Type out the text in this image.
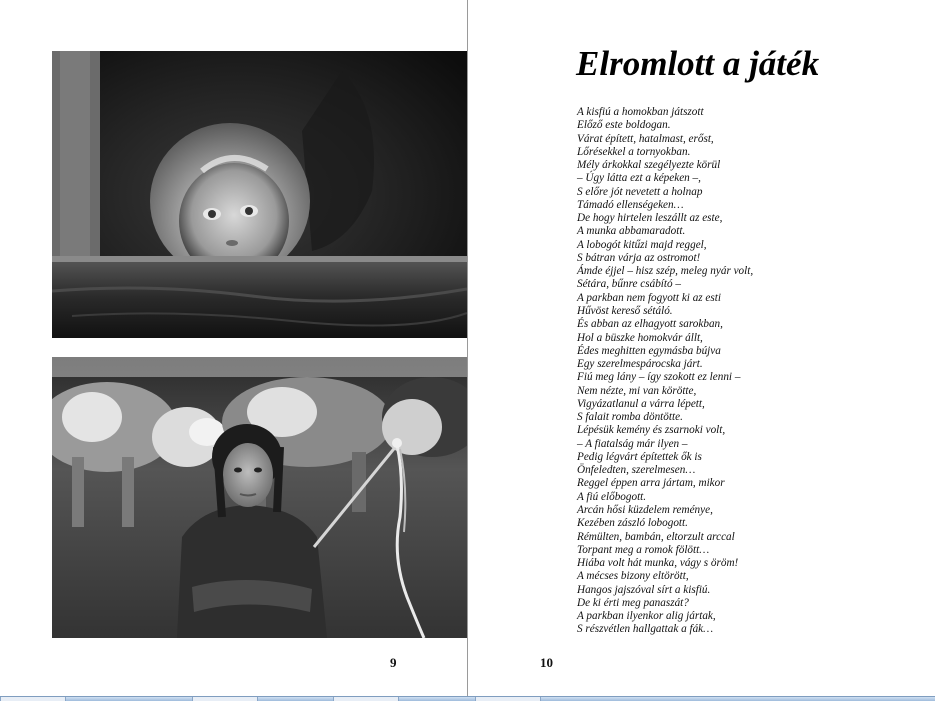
9
Elromlott a játék
A kisfiú a homokban játszott
Előző este boldogan.
Várat épített, hatalmast, erőst,
Lőrésekkel a tornyokban.
Mély árkokkal szegélyezte körül
– Úgy látta ezt a képeken –,
S előre jót nevetett a holnap
Támadó ellenségeken…
De hogy hirtelen leszállt az este,
A munka abbamaradott.
A lobogót kitűzi majd reggel,
S bátran várja az ostromot!
Ámde éjjel – hisz szép, meleg nyár volt,
Sétára, bűnre csábító –
A parkban nem fogyott ki az esti
Hűvöst kereső sétáló.
És abban az elhagyott sarokban,
Hol a büszke homokvár állt,
Édes meghitten egymásba bújva
Egy szerelmespárocska járt.
Fiú meg lány – így szokott ez lenni –
Nem nézte, mi van körötte,
Vigyázatlanul a várra lépett,
S falait romba döntötte.
Lépésük kemény és zsarnoki volt,
– A fiatalság már ilyen –
Pedig légvárt építettek ők is
Önfeledten, szerelmesen…
Reggel éppen arra jártam, mikor
A fiú előbogott.
Arcán hősi küzdelem reménye,
Kezében zászló lobogott.
Rémülten, bambán, eltorzult arccal
Torpant meg a romok fölött…
Hiába volt hát munka, vágy s öröm!
A mécses bizony eltörött,
Hangos jajszóval sírt a kisfiú.
De ki érti meg panaszát?
A parkban ilyenkor alig jártak,
S részvétlen hallgattak a fák…
10
